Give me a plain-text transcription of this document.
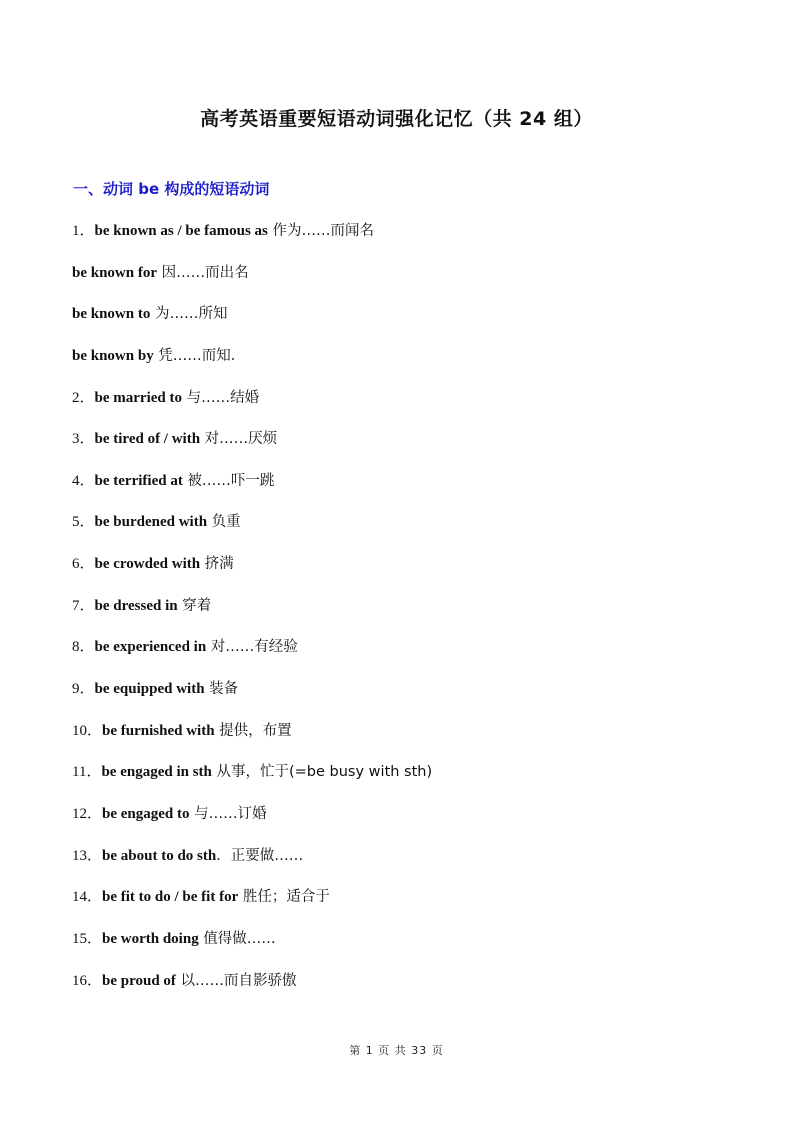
高考英语重要短语动词强化记忆（共 24 组）
一、动词 be 构成的短语动词
1．be known as / be famous as 作为……而闻名
be known for 因……而出名
be known to 为……所知
be known by 凭……而知．
2．be married to 与……结婚
3．be tired of / with 对……厌烦
4．be terrified at 被……吓一跳
5．be burdened with 负重
6．be crowded with 挤满
7．be dressed in 穿着
8．be experienced in 对……有经验
9．be equipped with 装备
10．be furnished with 提供，布置
11．be engaged in sth 从事，忙于(=be busy with sth)
12．be engaged to 与……订婚
13．be about to do sth．正要做……
14．be fit to do / be fit for 胜任；适合于
15．be worth doing 值得做……
16．be proud of 以……而自影骄傲
第 1 页 共 33 页
